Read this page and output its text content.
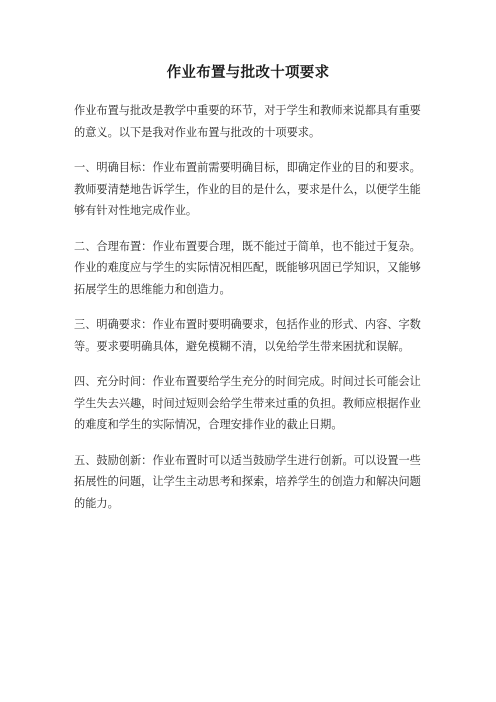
作业布置与批改十项要求

作业布置与批改是教学中重要的环节，对于学生和教师来说都具有重要的意义。以下是我对作业布置与批改的十项要求。

一、明确目标：作业布置前需要明确目标，即确定作业的目的和要求。教师要清楚地告诉学生，作业的目的是什么，要求是什么，以便学生能够有针对性地完成作业。

二、合理布置：作业布置要合理，既不能过于简单，也不能过于复杂。作业的难度应与学生的实际情况相匹配，既能够巩固已学知识，又能够拓展学生的思维能力和创造力。

三、明确要求：作业布置时要明确要求，包括作业的形式、内容、字数等。要求要明确具体，避免模糊不清，以免给学生带来困扰和误解。

四、充分时间：作业布置要给学生充分的时间完成。时间过长可能会让学生失去兴趣，时间过短则会给学生带来过重的负担。教师应根据作业的难度和学生的实际情况，合理安排作业的截止日期。

五、鼓励创新：作业布置时可以适当鼓励学生进行创新。可以设置一些拓展性的问题，让学生主动思考和探索，培养学生的创造力和解决问题的能力。
